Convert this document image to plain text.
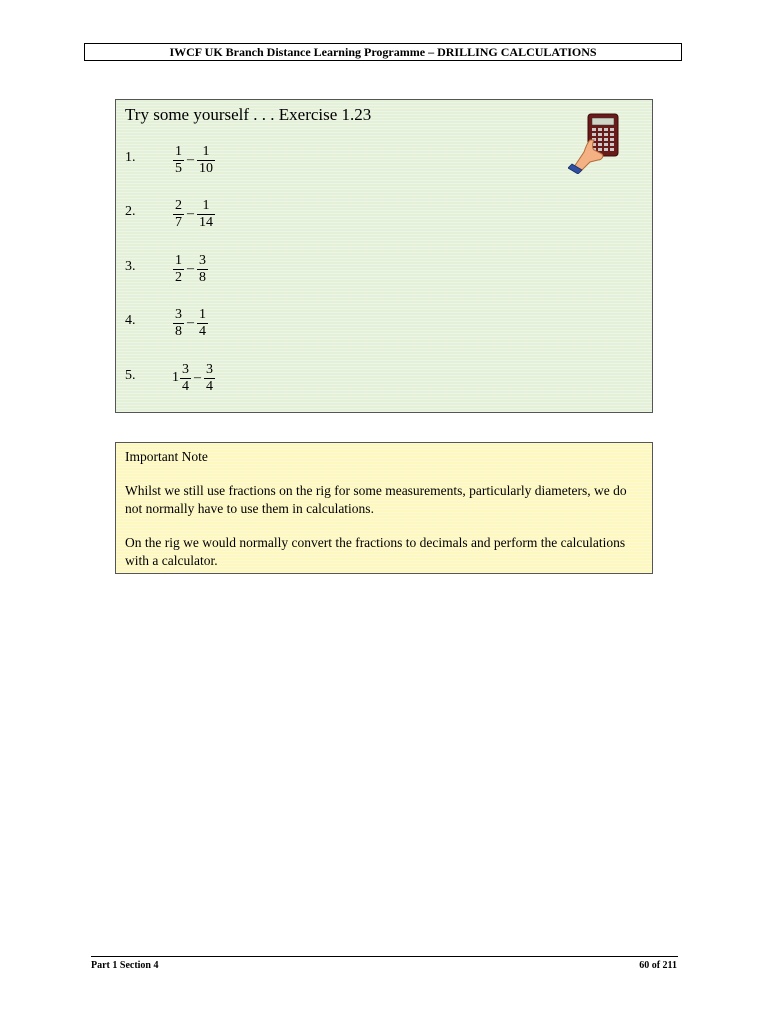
IWCF UK Branch Distance Learning Programme – DRILLING CALCULATIONS
Try some yourself . . . Exercise 1.23
1.	$\frac{1}{5} - \frac{1}{10}$
2.	$\frac{2}{7} - \frac{1}{14}$
3.	$\frac{1}{2} - \frac{3}{8}$
4.	$\frac{3}{8} - \frac{1}{4}$
5.	$1 \frac{3}{4} - \frac{3}{4}$

Important Note

Whilst we still use fractions on the rig for some measurements, particularly diameters, we do not normally have to use them in calculations.

On the rig we would normally convert the fractions to decimals and perform the calculations with a calculator.

Part 1 Section 4	60 of 211
